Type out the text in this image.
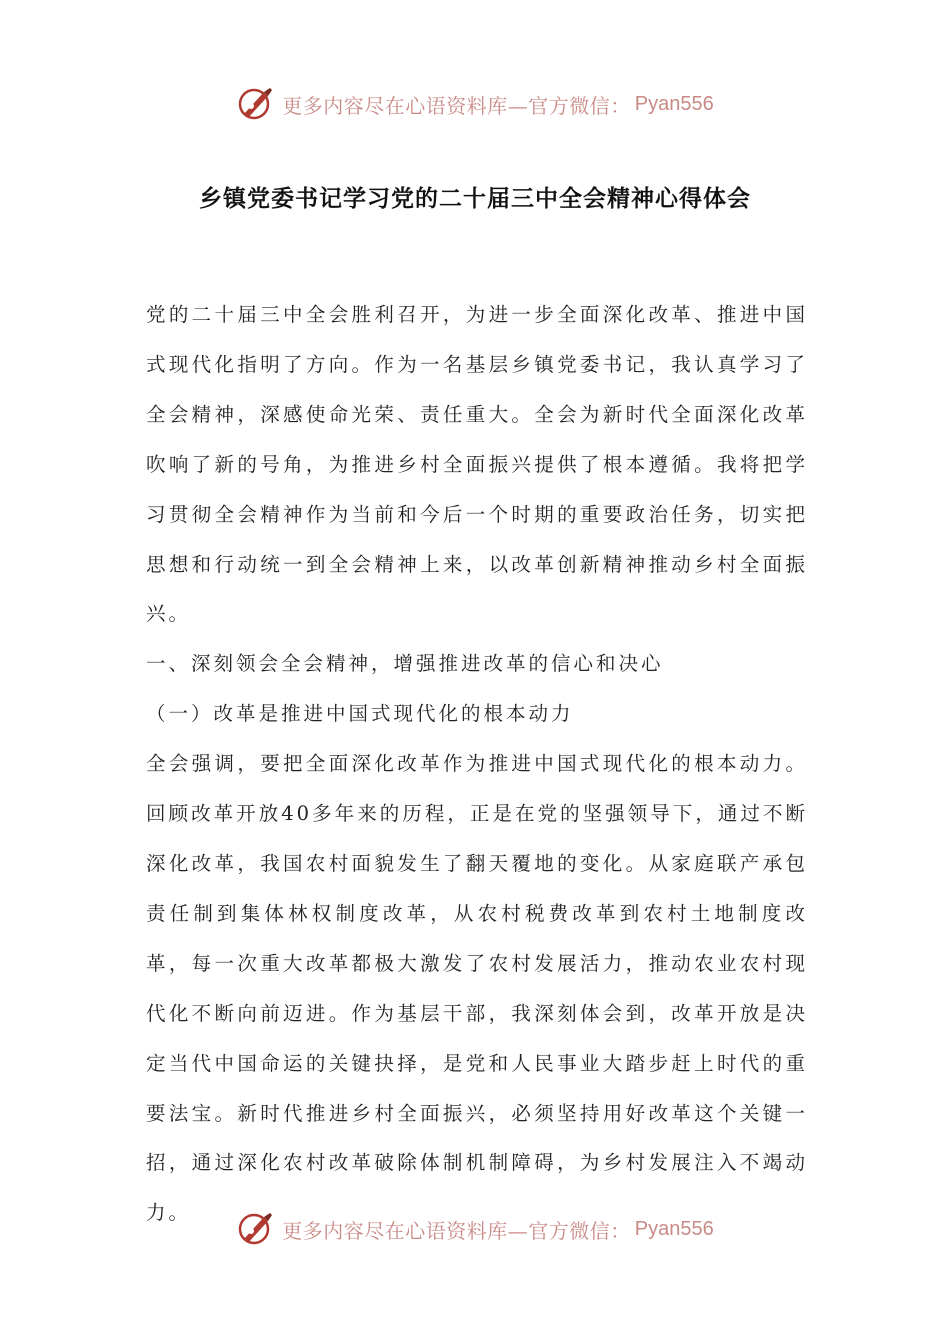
更多内容尽在心语资料库—官方微信： Pyan556
乡镇党委书记学习党的二十届三中全会精神心得体会

党的二十届三中全会胜利召开，为进一步全面深化改革、推进中国式现代化指明了方向。作为一名基层乡镇党委书记，我认真学习了全会精神，深感使命光荣、责任重大。全会为新时代全面深化改革吹响了新的号角，为推进乡村全面振兴提供了根本遵循。我将把学习贯彻全会精神作为当前和今后一个时期的重要政治任务，切实把思想和行动统一到全会精神上来，以改革创新精神推动乡村全面振兴。

一、深刻领会全会精神，增强推进改革的信心和决心

（一）改革是推进中国式现代化的根本动力

全会强调，要把全面深化改革作为推进中国式现代化的根本动力。回顾改革开放40多年来的历程，正是在党的坚强领导下，通过不断深化改革，我国农村面貌发生了翻天覆地的变化。从家庭联产承包责任制到集体林权制度改革，从农村税费改革到农村土地制度改革，每一次重大改革都极大激发了农村发展活力，推动农业农村现代化不断向前迈进。作为基层干部，我深刻体会到，改革开放是决定当代中国命运的关键抉择，是党和人民事业大踏步赶上时代的重要法宝。新时代推进乡村全面振兴，必须坚持用好改革这个关键一招，通过深化农村改革破除体制机制障碍，为乡村发展注入不竭动力。

更多内容尽在心语资料库—官方微信： Pyan556
